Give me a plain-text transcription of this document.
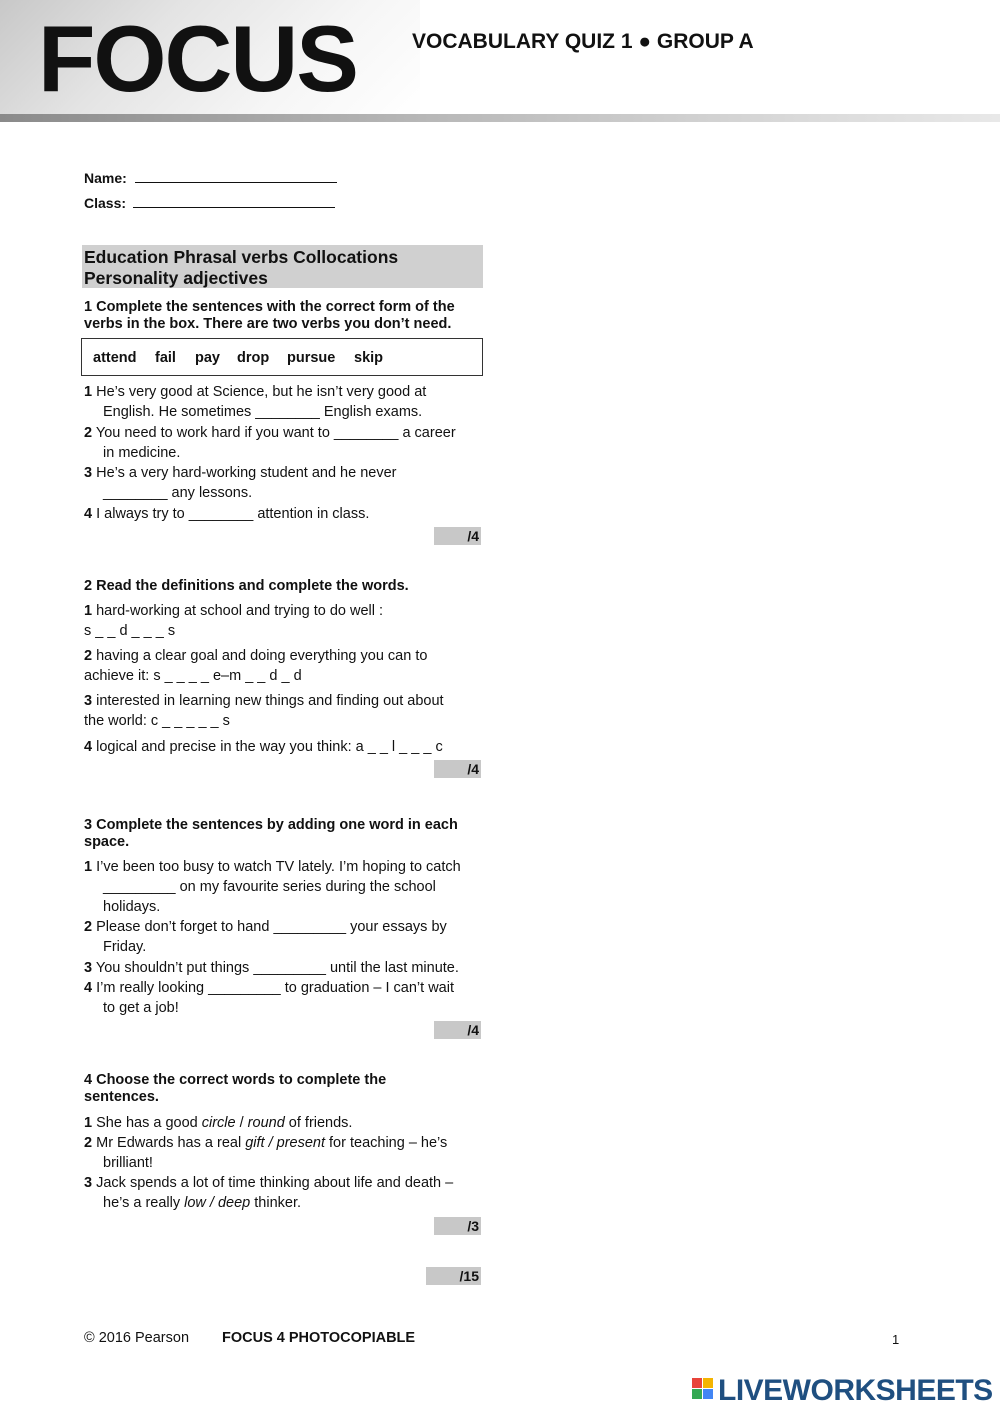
FOCUS	VOCABULARY QUIZ 1 ● GROUP A
Name:
Class:
Education Phrasal verbs Collocations
Personality adjectives
1 Complete the sentences with the correct form of the
verbs in the box. There are two verbs you don’t need.
attend fail pay drop pursue skip
1 He’s very good at Science, but he isn’t very good at
English. He sometimes ________ English exams.
2 You need to work hard if you want to ________ a career
in medicine.
3 He’s a very hard-working student and he never
________ any lessons.
4 I always try to ________ attention in class.
/4
2 Read the definitions and complete the words.
1 hard-working at school and trying to do well :
s _ _ d _ _ _ s
2 having a clear goal and doing everything you can to
achieve it: s _ _ _ _ e–m _ _ d _ d
3 interested in learning new things and finding out about
the world: c _ _ _ _ _ s
4 logical and precise in the way you think: a _ _ l _ _ _ c
/4
3 Complete the sentences by adding one word in each
space.
1 I’ve been too busy to watch TV lately. I’m hoping to catch
_________ on my favourite series during the school
holidays.
2 Please don’t forget to hand _________ your essays by
Friday.
3 You shouldn’t put things _________ until the last minute.
4 I’m really looking _________ to graduation – I can’t wait
to get a job!
/4
4 Choose the correct words to complete the
sentences.
1 She has a good circle / round of friends.
2 Mr Edwards has a real gift / present for teaching – he’s
brilliant!
3 Jack spends a lot of time thinking about life and death –
he’s a really low / deep thinker.
/3
/15
© 2016 Pearson FOCUS 4 PHOTOCOPIABLE	1
LIVEWORKSHEETS
